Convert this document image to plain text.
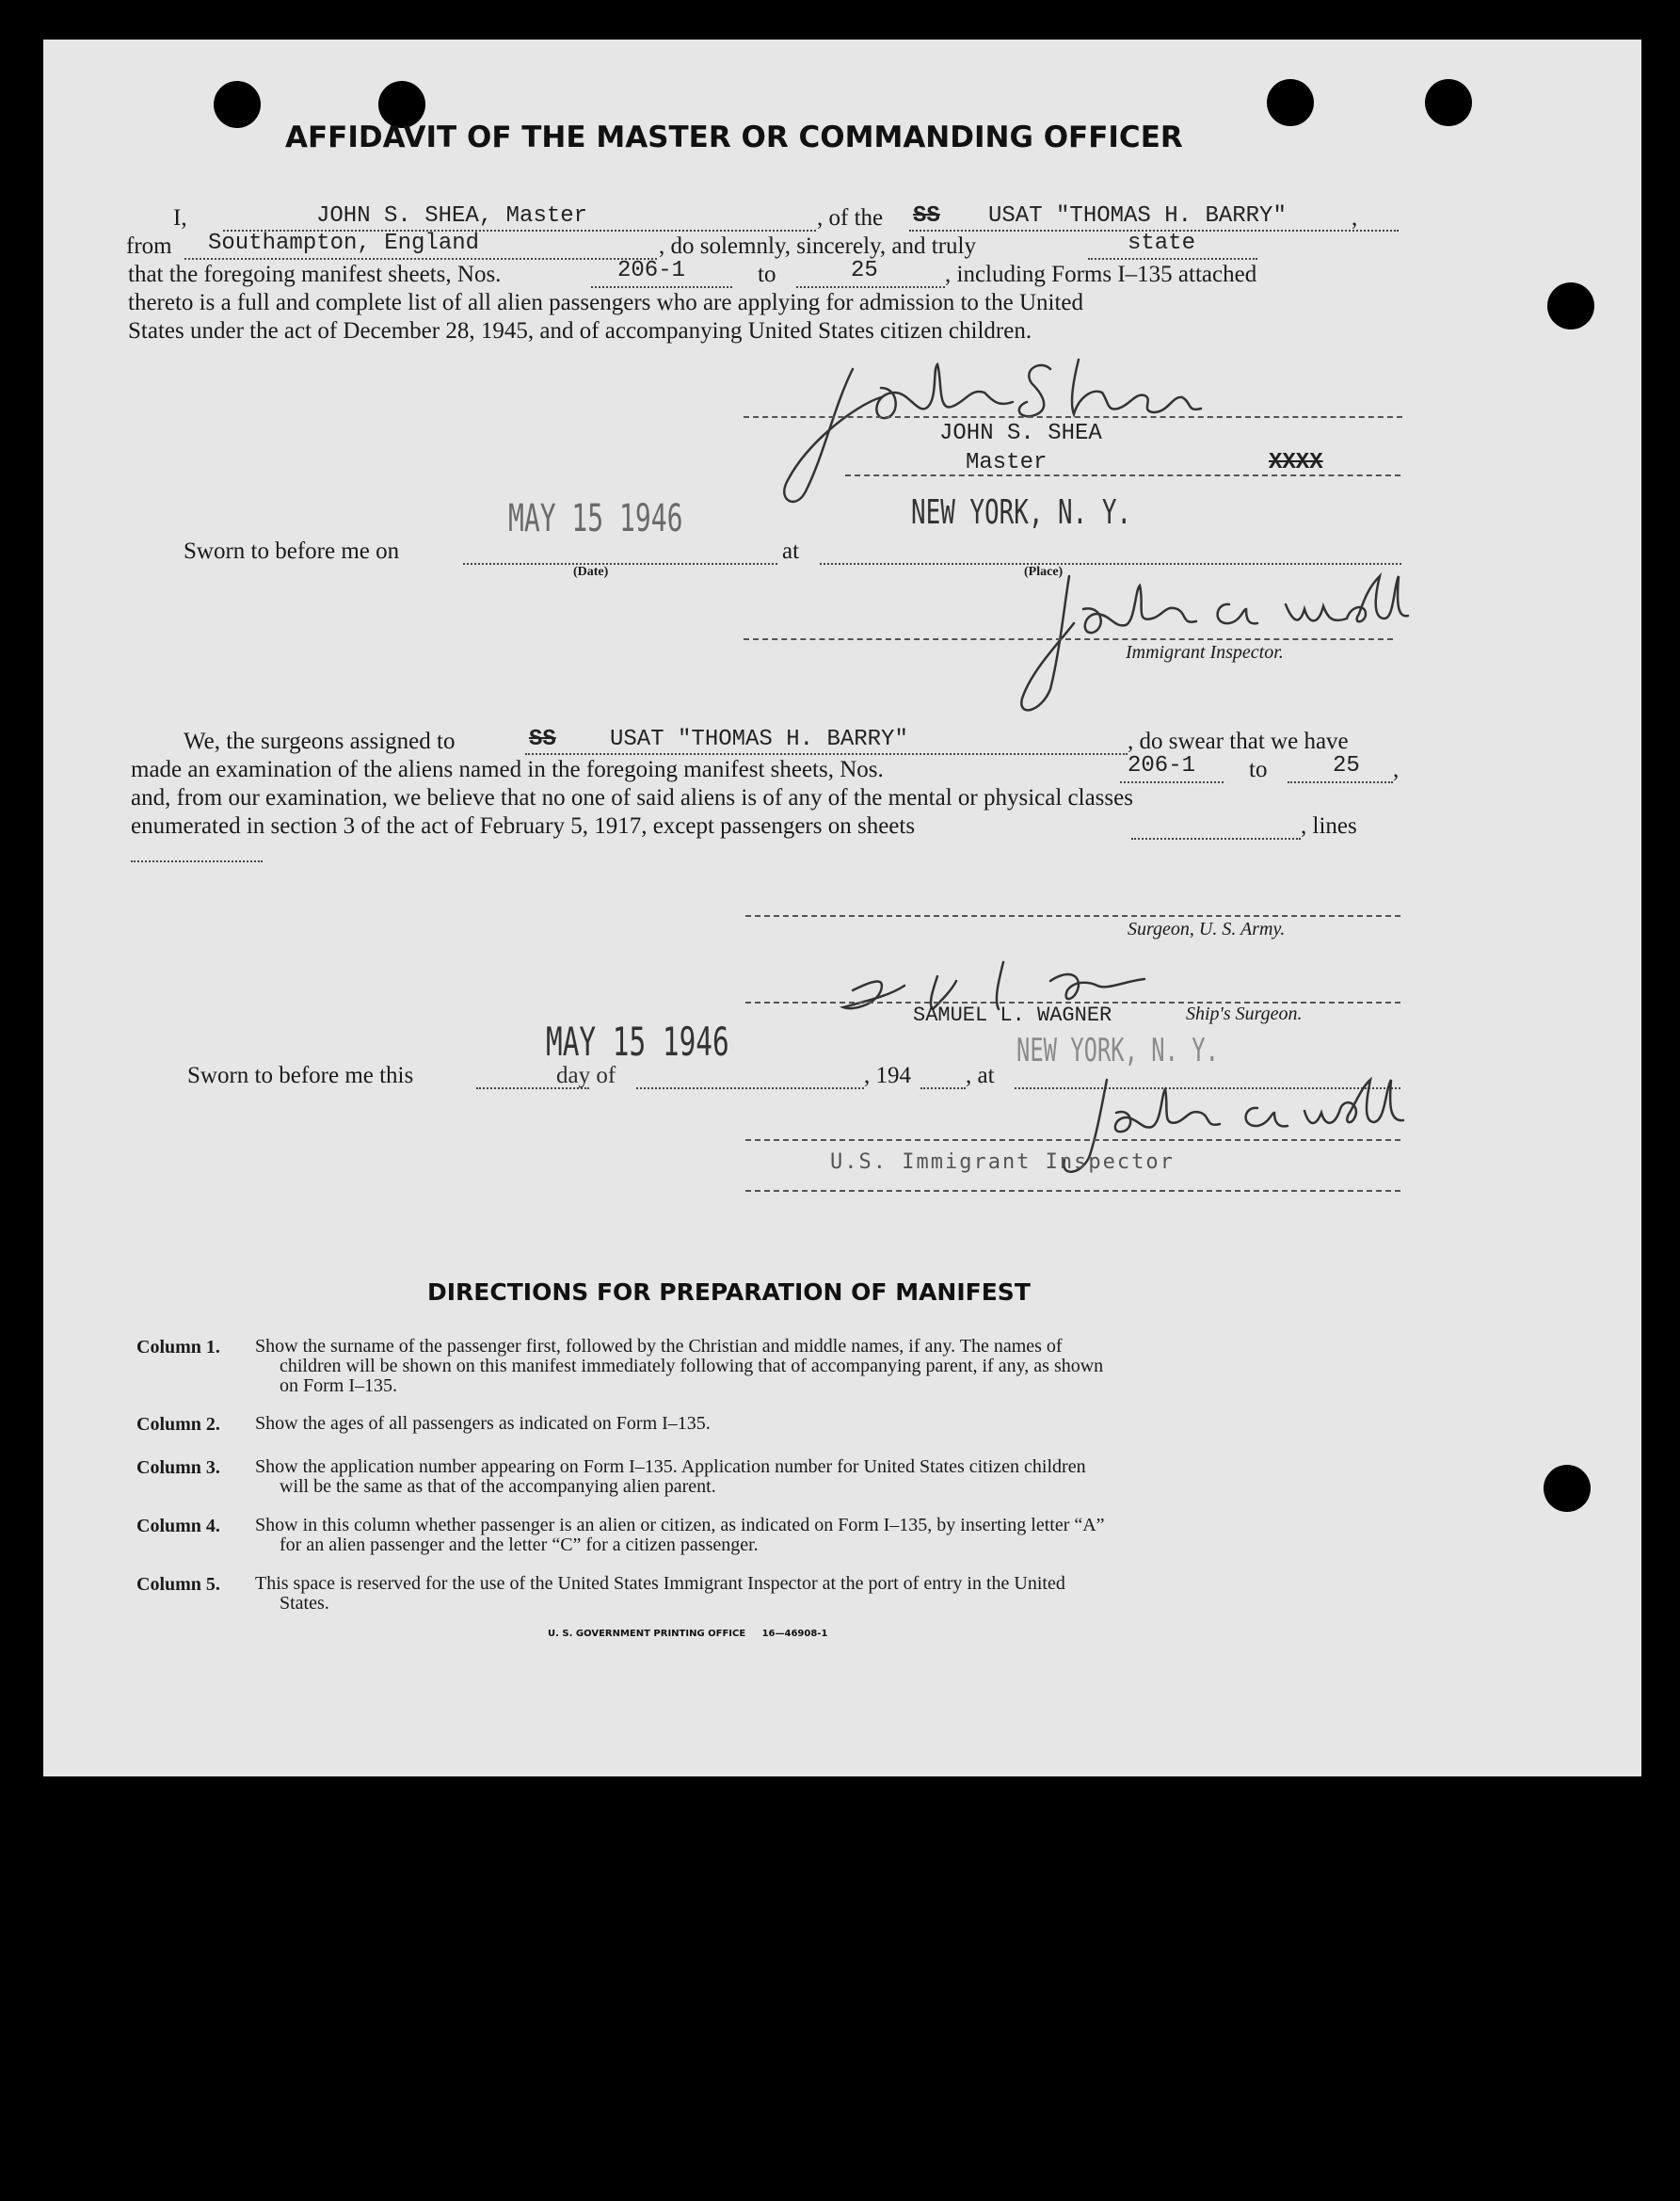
AFFIDAVIT OF THE MASTER OR COMMANDING OFFICER
I,	JOHN S. SHEA, Master	, of the SS USAT "THOMAS H. BARRY"	,
from Southampton, England	, do solemnly, sincerely, and truly	state
that the foregoing manifest sheets, Nos.	206-1	to	25	, including Forms I–135 attached
thereto is a full and complete list of all alien passengers who are applying for admission to the United
States under the act of December 28, 1945, and of accompanying United States citizen children.
JOHN S. SHEA
Master	XXXX
Sworn to before me on
MAY 15 1946
(Date)
at
NEW YORK, N. Y.
(Place)
Immigrant Inspector.
We, the surgeons assigned to	SS USAT "THOMAS H. BARRY"	, do swear that we have
made an examination of the aliens named in the foregoing manifest sheets, Nos.	206-1 to	25 ,
and, from our examination, we believe that no one of said aliens is of any of the mental or physical classes
enumerated in section 3 of the act of February 5, 1917, except passengers on sheets	, lines
Surgeon, U. S. Army.
SAMUEL L. WAGNER	Ship's Surgeon.
Sworn to before me this
MAY 15 1946
day of	, 194 , at
NEW YORK, N. Y.
U.S. Immigrant Inspector
DIRECTIONS FOR PREPARATION OF MANIFEST
Column 1. Show the surname of the passenger first, followed by the Christian and middle names, if any. The names of
children will be shown on this manifest immediately following that of accompanying parent, if any, as shown
on Form I–135.
Column 2. Show the ages of all passengers as indicated on Form I–135.
Column 3. Show the application number appearing on Form I–135. Application number for United States citizen children
will be the same as that of the accompanying alien parent.
Column 4. Show in this column whether passenger is an alien or citizen, as indicated on Form I–135, by inserting letter “A”
for an alien passenger and the letter “C” for a citizen passenger.
Column 5. This space is reserved for the use of the United States Immigrant Inspector at the port of entry in the United
States.
U. S. GOVERNMENT PRINTING OFFICE     16—46908-1
